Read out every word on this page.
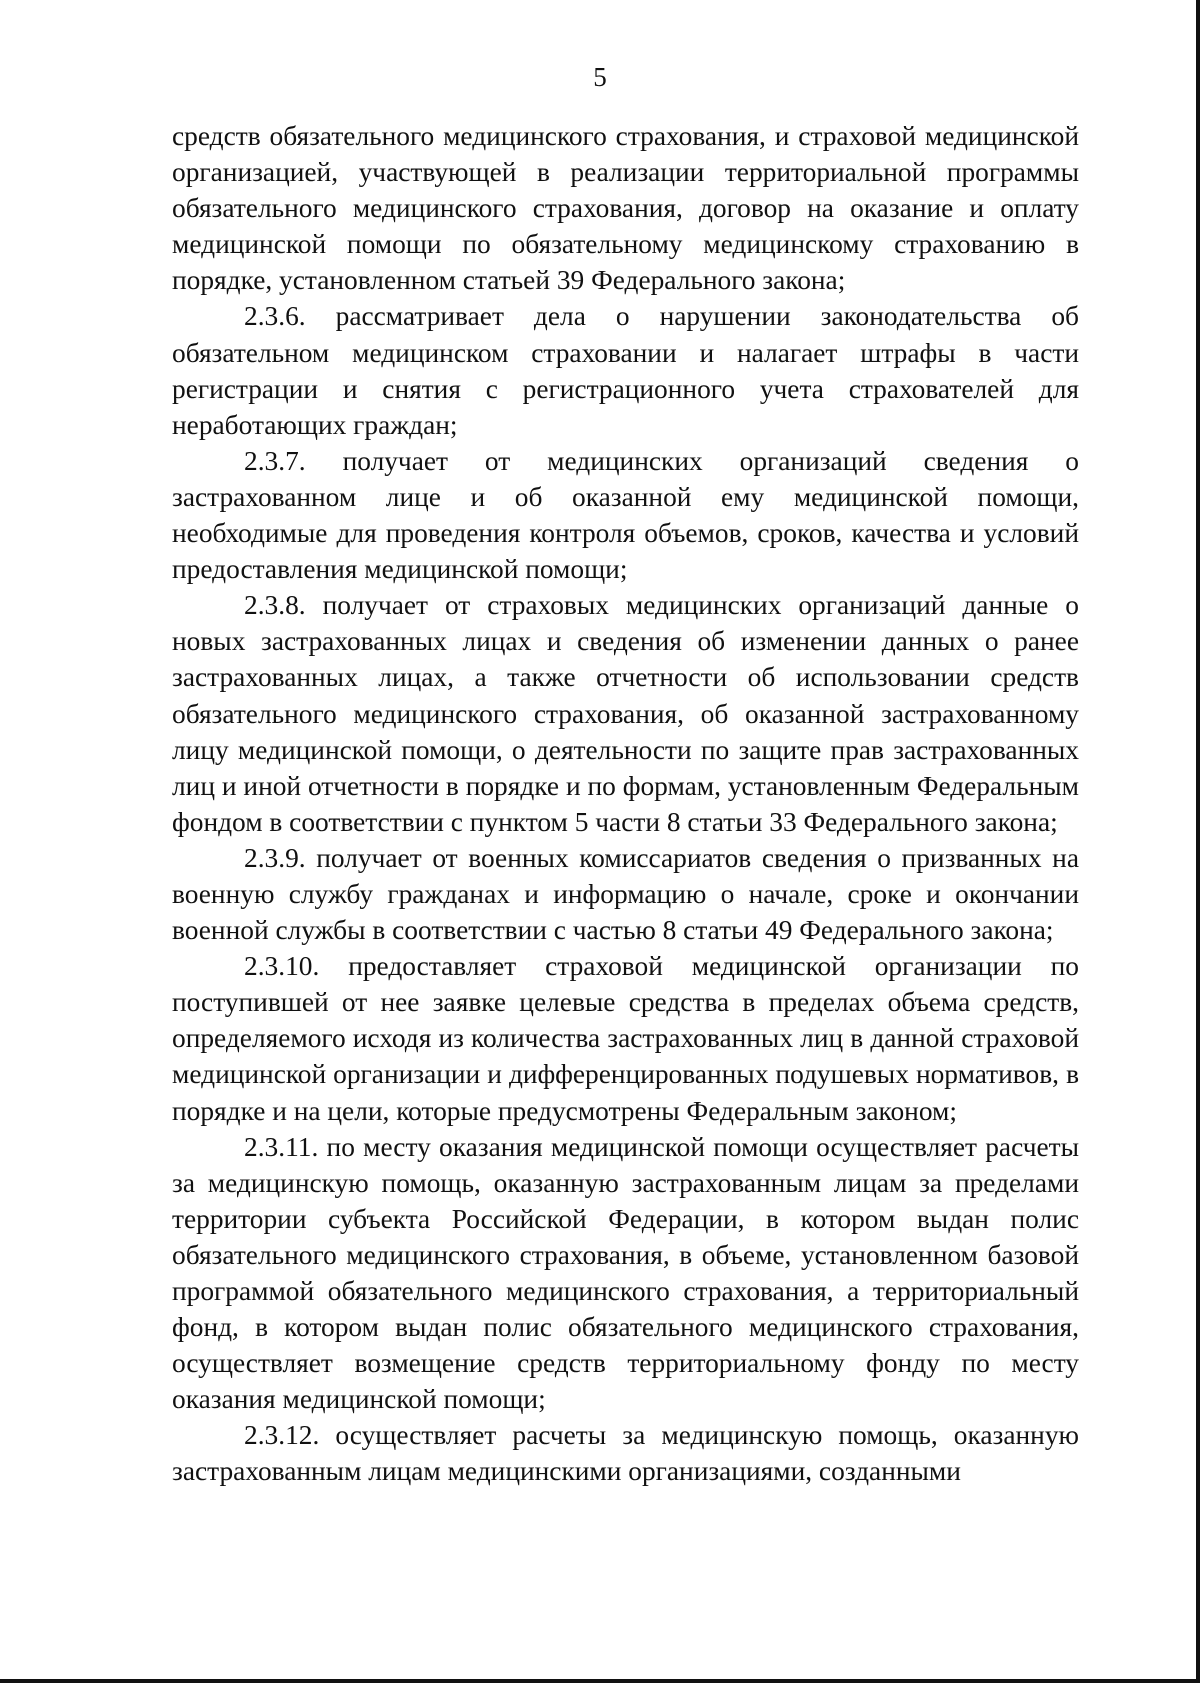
5

средств обязательного медицинского страхования, и страховой медицинской организацией, участвующей в реализации территориальной программы обязательного медицинского страхования, договор на оказание и оплату медицинской помощи по обязательному медицинскому страхованию в порядке, установленном статьей 39 Федерального закона;

2.3.6. рассматривает дела о нарушении законодательства об обязательном медицинском страховании и налагает штрафы в части регистрации и снятия с регистрационного учета страхователей для неработающих граждан;

2.3.7. получает от медицинских организаций сведения о застрахованном лице и об оказанной ему медицинской помощи, необходимые для проведения контроля объемов, сроков, качества и условий предоставления медицинской помощи;

2.3.8. получает от страховых медицинских организаций данные о новых застрахованных лицах и сведения об изменении данных о ранее застрахованных лицах, а также отчетности об использовании средств обязательного медицинского страхования, об оказанной застрахованному лицу медицинской помощи, о деятельности по защите прав застрахованных лиц и иной отчетности в порядке и по формам, установленным Федеральным фондом в соответствии с пунктом 5 части 8 статьи 33 Федерального закона;

2.3.9. получает от военных комиссариатов сведения о призванных на военную службу гражданах и информацию о начале, сроке и окончании военной службы в соответствии с частью 8 статьи 49 Федерального закона;

2.3.10. предоставляет страховой медицинской организации по поступившей от нее заявке целевые средства в пределах объема средств, определяемого исходя из количества застрахованных лиц в данной страховой медицинской организации и дифференцированных подушевых нормативов, в порядке и на цели, которые предусмотрены Федеральным законом;

2.3.11. по месту оказания медицинской помощи осуществляет расчеты за медицинскую помощь, оказанную застрахованным лицам за пределами территории субъекта Российской Федерации, в котором выдан полис обязательного медицинского страхования, в объеме, установленном базовой программой обязательного медицинского страхования, а территориальный фонд, в котором выдан полис обязательного медицинского страхования, осуществляет возмещение средств территориальному фонду по месту оказания медицинской помощи;

2.3.12. осуществляет расчеты за медицинскую помощь, оказанную застрахованным лицам медицинскими организациями, созданными
